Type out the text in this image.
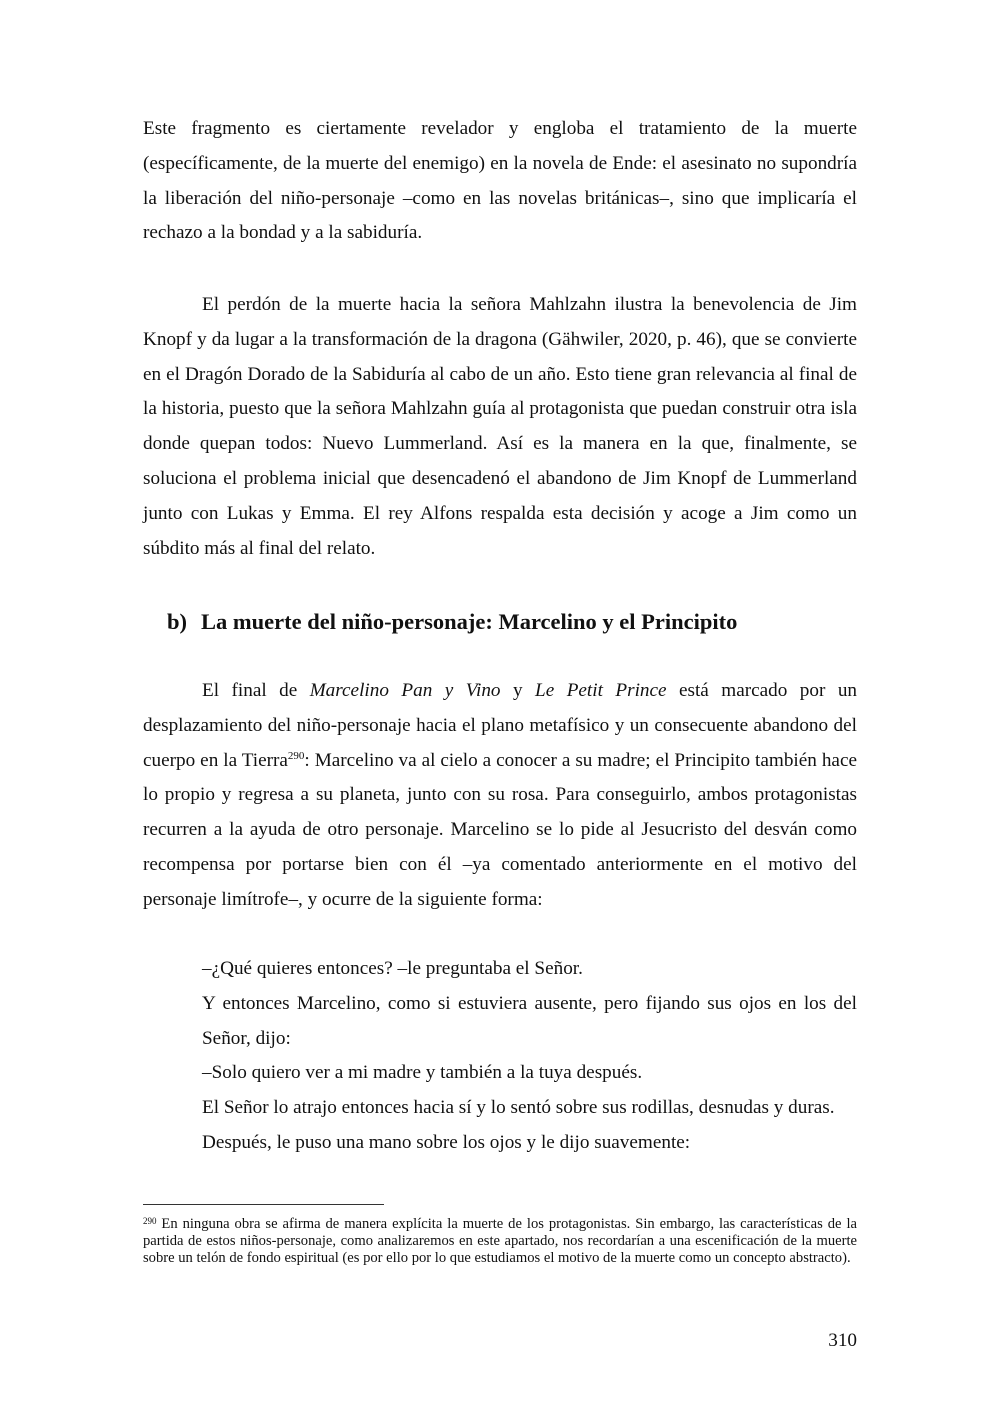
Este fragmento es ciertamente revelador y engloba el tratamiento de la muerte (específicamente, de la muerte del enemigo) en la novela de Ende: el asesinato no supondría la liberación del niño-personaje –como en las novelas británicas–, sino que implicaría el rechazo a la bondad y a la sabiduría.

El perdón de la muerte hacia la señora Mahlzahn ilustra la benevolencia de Jim Knopf y da lugar a la transformación de la dragona (Gähwiler, 2020, p. 46), que se convierte en el Dragón Dorado de la Sabiduría al cabo de un año. Esto tiene gran relevancia al final de la historia, puesto que la señora Mahlzahn guía al protagonista que puedan construir otra isla donde quepan todos: Nuevo Lummerland. Así es la manera en la que, finalmente, se soluciona el problema inicial que desencadenó el abandono de Jim Knopf de Lummerland junto con Lukas y Emma. El rey Alfons respalda esta decisión y acoge a Jim como un súbdito más al final del relato.

b) La muerte del niño-personaje: Marcelino y el Principito

El final de Marcelino Pan y Vino y Le Petit Prince está marcado por un desplazamiento del niño-personaje hacia el plano metafísico y un consecuente abandono del cuerpo en la Tierra$^{290}$: Marcelino va al cielo a conocer a su madre; el Principito también hace lo propio y regresa a su planeta, junto con su rosa. Para conseguirlo, ambos protagonistas recurren a la ayuda de otro personaje. Marcelino se lo pide al Jesucristo del desván como recompensa por portarse bien con él –ya comentado anteriormente en el motivo del personaje limítrofe–, y ocurre de la siguiente forma:

–¿Qué quieres entonces? –le preguntaba el Señor.

Y entonces Marcelino, como si estuviera ausente, pero fijando sus ojos en los del Señor, dijo:

–Solo quiero ver a mi madre y también a la tuya después.

El Señor lo atrajo entonces hacia sí y lo sentó sobre sus rodillas, desnudas y duras.

Después, le puso una mano sobre los ojos y le dijo suavemente:

$^{290}$ En ninguna obra se afirma de manera explícita la muerte de los protagonistas. Sin embargo, las características de la partida de estos niños-personaje, como analizaremos en este apartado, nos recordarían a una escenificación de la muerte sobre un telón de fondo espiritual (es por ello por lo que estudiamos el motivo de la muerte como un concepto abstracto).

310
